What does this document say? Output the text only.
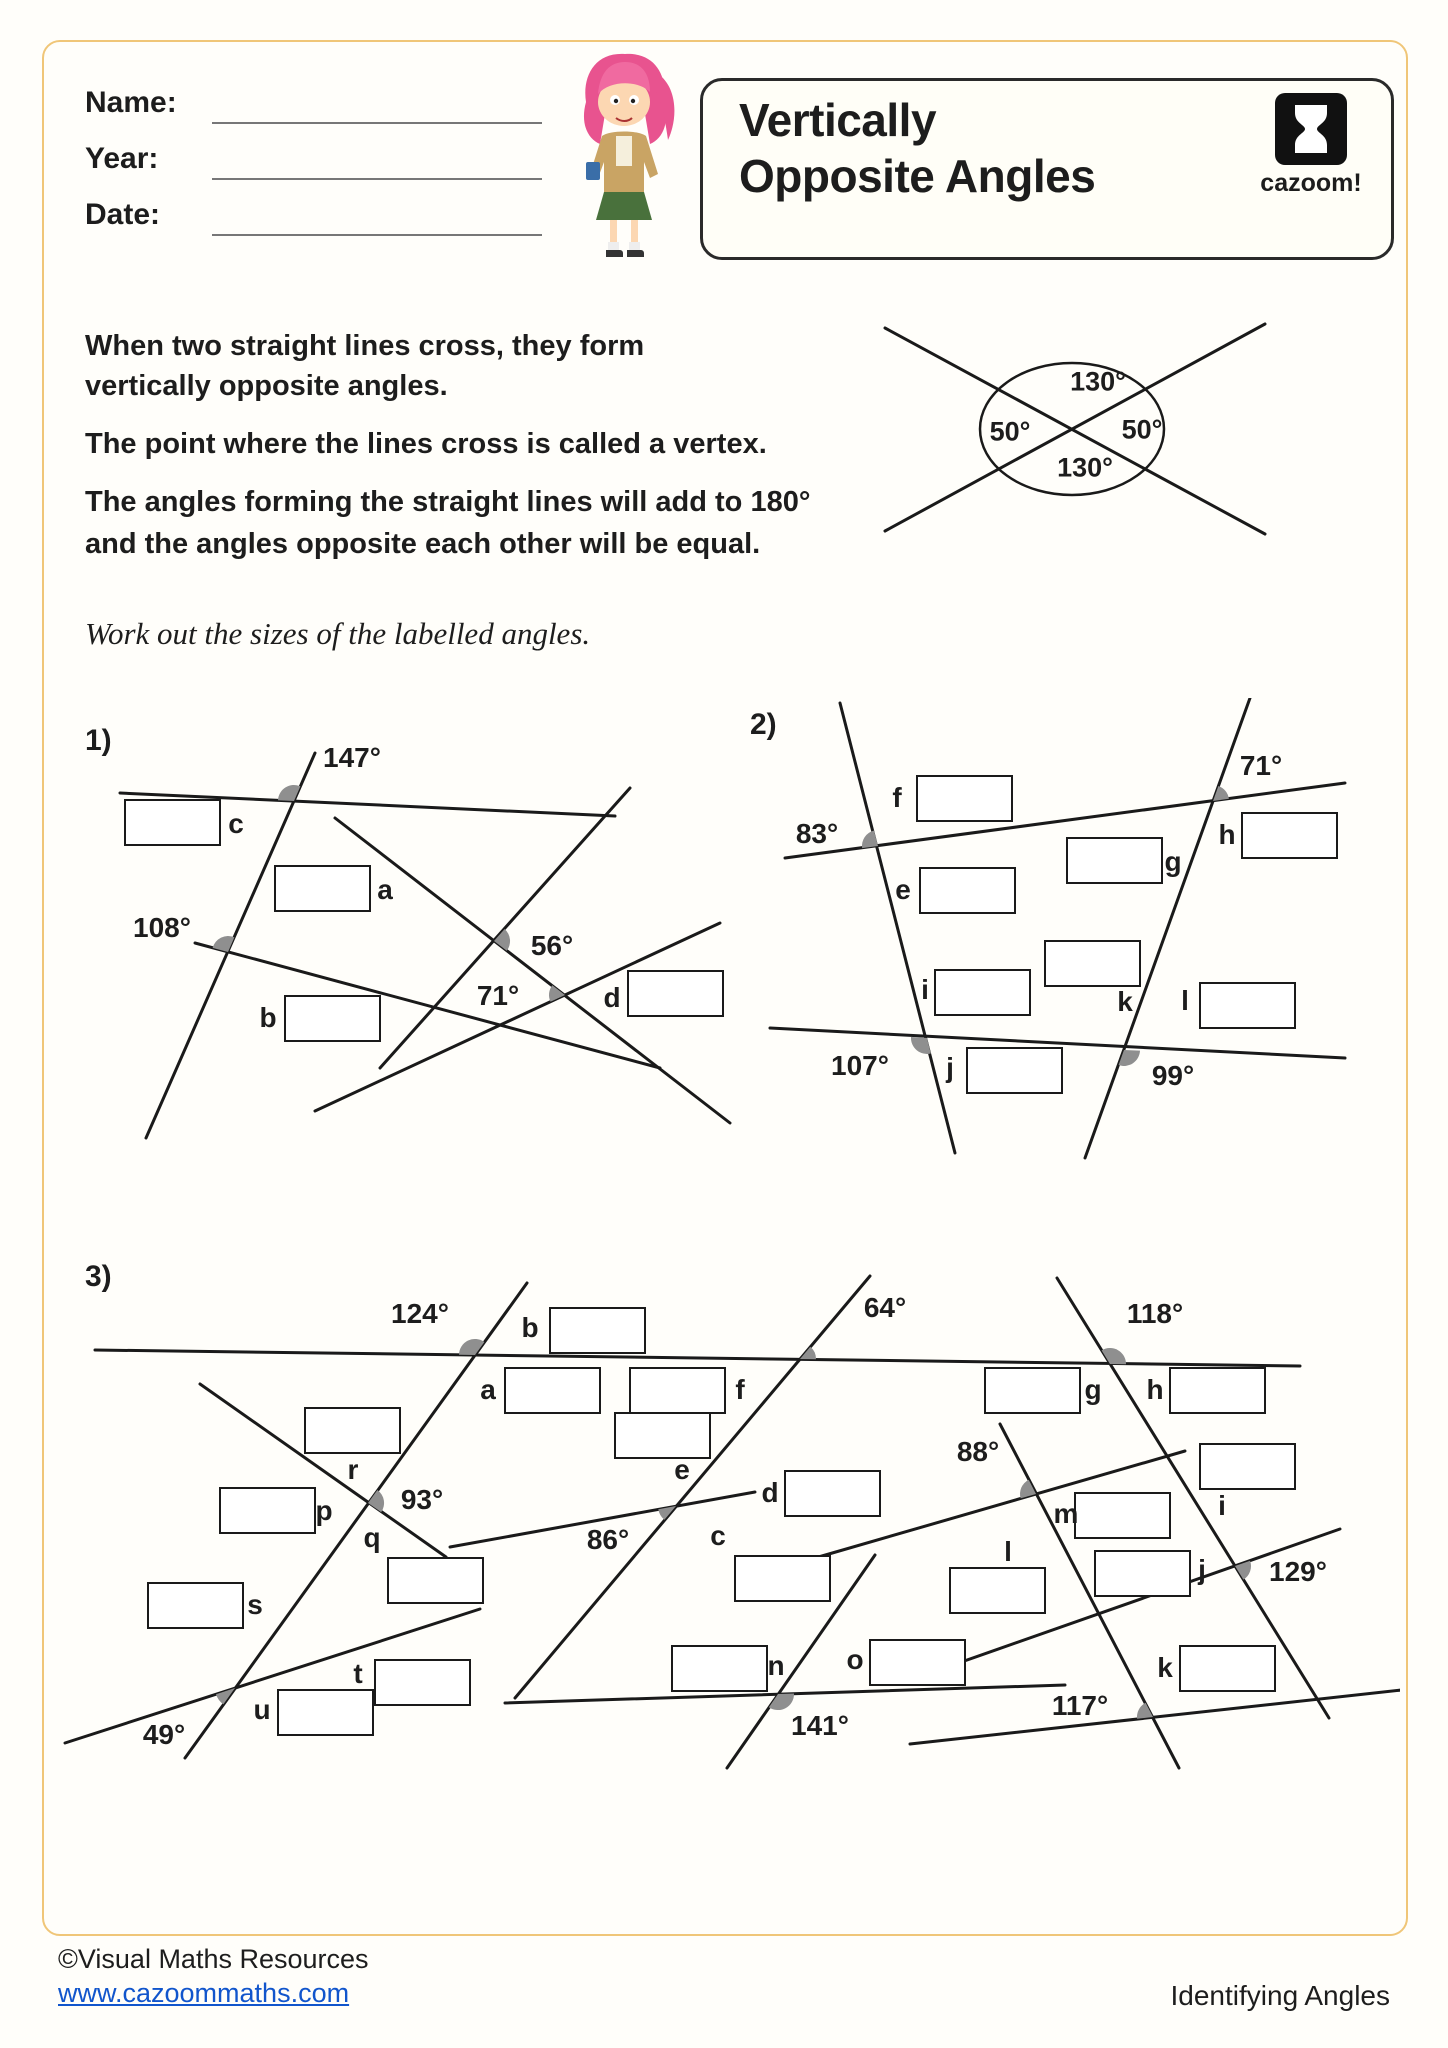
Name:
Year:
Date:
Vertically
Opposite Angles	cazoom!
When two straight lines cross, they form
vertically opposite angles.
The point where the lines cross is called a vertex.
The angles forming the straight lines will add to 180°
and the angles opposite each other will be equal.
130°
50°	50°
130°
Work out the sizes of the labelled angles.
1)
147°
c
a
56°
108°
b
71°	d
2)
83°
f
e
71°
h
g
i	k l
107° j	99°
3)
124°	b
64°	118°
a	f	g h
r
p 93°
q
e
d
86°	c
88°
m	i
l
j 129°
s
t	n o
141°
49°
u	117°
k
©Visual Maths Resources
www.cazoommaths.com	Identifying Angles
